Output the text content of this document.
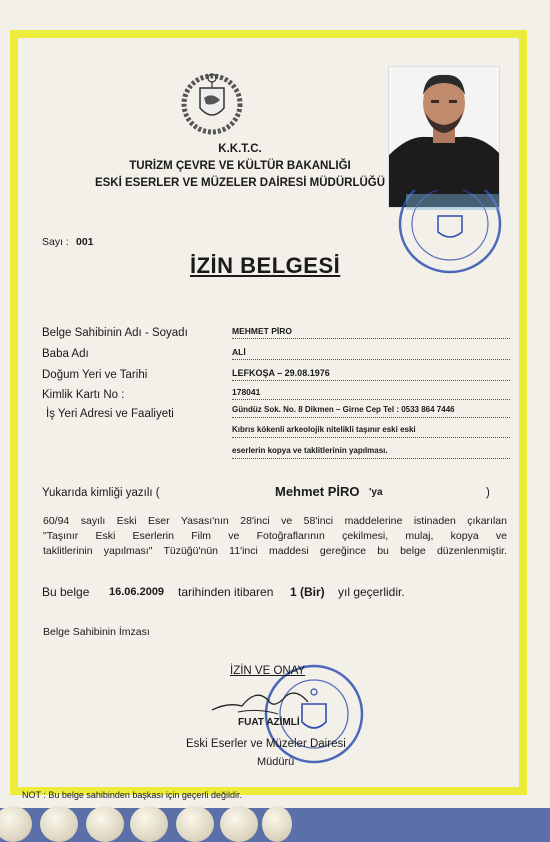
K.K.T.C.
TURİZM ÇEVRE VE KÜLTÜR BAKANLIĞI
ESKİ ESERLER VE MÜZELER DAİRESİ MÜDÜRLÜĞÜ
Sayı : 001
İZİN BELGESİ
Belge Sahibinin Adı - Soyadı
Baba Adı
Doğum Yeri ve Tarihi
Kimlik Kartı No :
İş Yeri Adresi ve Faaliyeti
MEHMET PİRO
ALİ
LEFKOŞA – 29.08.1976
178041
Gündüz Sok. No. 8 Dikmen – Girne Cep Tel : 0533 864 7446
Kıbrıs kökenli arkeolojik nitelikli taşınır eski eski
eserlerin kopya ve taklitlerinin yapılması.
Yukarıda kimliği yazılı (	Mehmet PİRO 'ya	)
60/94 sayılı Eski Eser Yasası'nın 28'inci ve 58'inci maddelerine istinaden çıkarılan
"Taşınır Eski Eserlerin Film ve Fotoğraflarının çekilmesi, mulaj, kopya ve
taklitlerinin yapılması" Tüzüğü'nün 11'inci maddesi gereğince bu belge düzenlenmiştir.
Bu belge 16.06.2009 tarihinden itibaren 1 (Bir) yıl geçerlidir.
Belge Sahibinin İmzası
İZİN VE ONAY
FUAT AZİMLİ
Eski Eserler ve Müzeler Dairesi
Müdürü
NOT : Bu belge sahibinden başkası için geçerli değildir.
